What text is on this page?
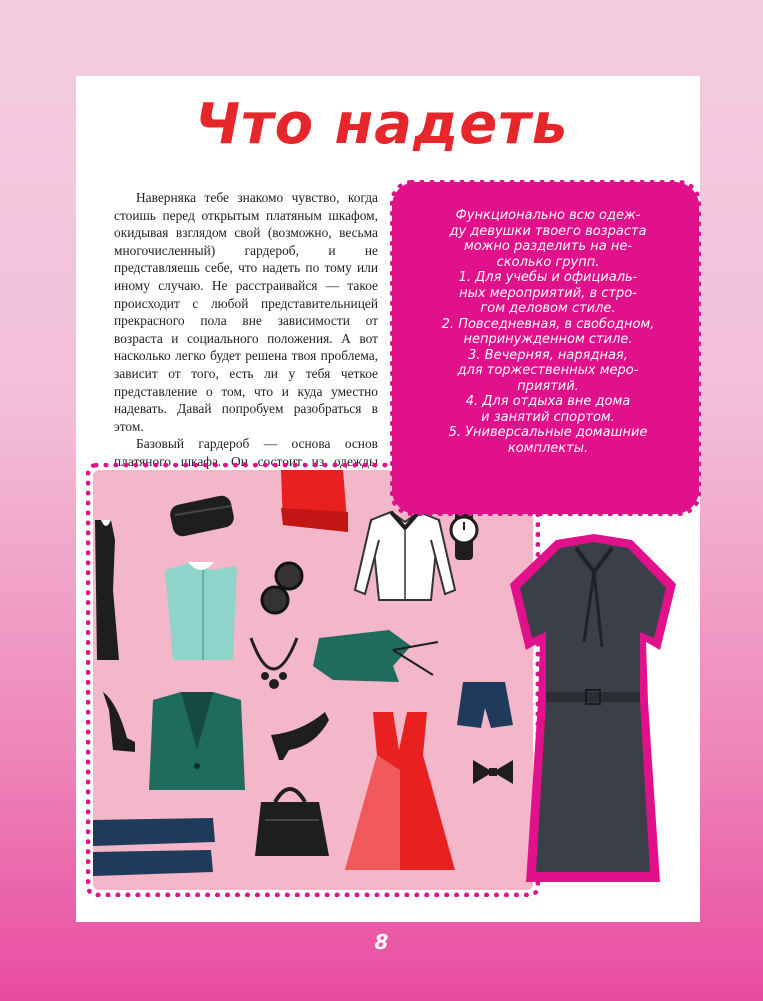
Что надеть

Наверняка тебе знакомо чувство, когда стоишь перед открытым платяным шкафом, окидывая взглядом свой (возможно, весьма многочисленный) гардероб, и не представляешь себе, что надеть по тому или иному случаю. Не расстраивайся — такое происходит с любой представительницей прекрасного пола вне зависимости от возраста и социального положения. А вот насколько легко будет решена твоя проблема, зависит от того, есть ли у тебя четкое представление о том, что и куда уместно надевать. Давай попробуем разобраться в этом.

Базовый гардероб — основа основ платяного шкафа. Он состоит из одежды

Функционально всю одеж-
ду девушки твоего возраста
можно разделить на не-
сколько групп.
1. Для учебы и официаль-
ных мероприятий, в стро-
гом деловом стиле.
2. Повседневная, в свободном,
непринужденном стиле.
3. Вечерняя, нарядная,
для торжественных меро-
приятий.
4. Для отдыха вне дома
и занятий спортом.
5. Универсальные домашние
комплекты.
8
